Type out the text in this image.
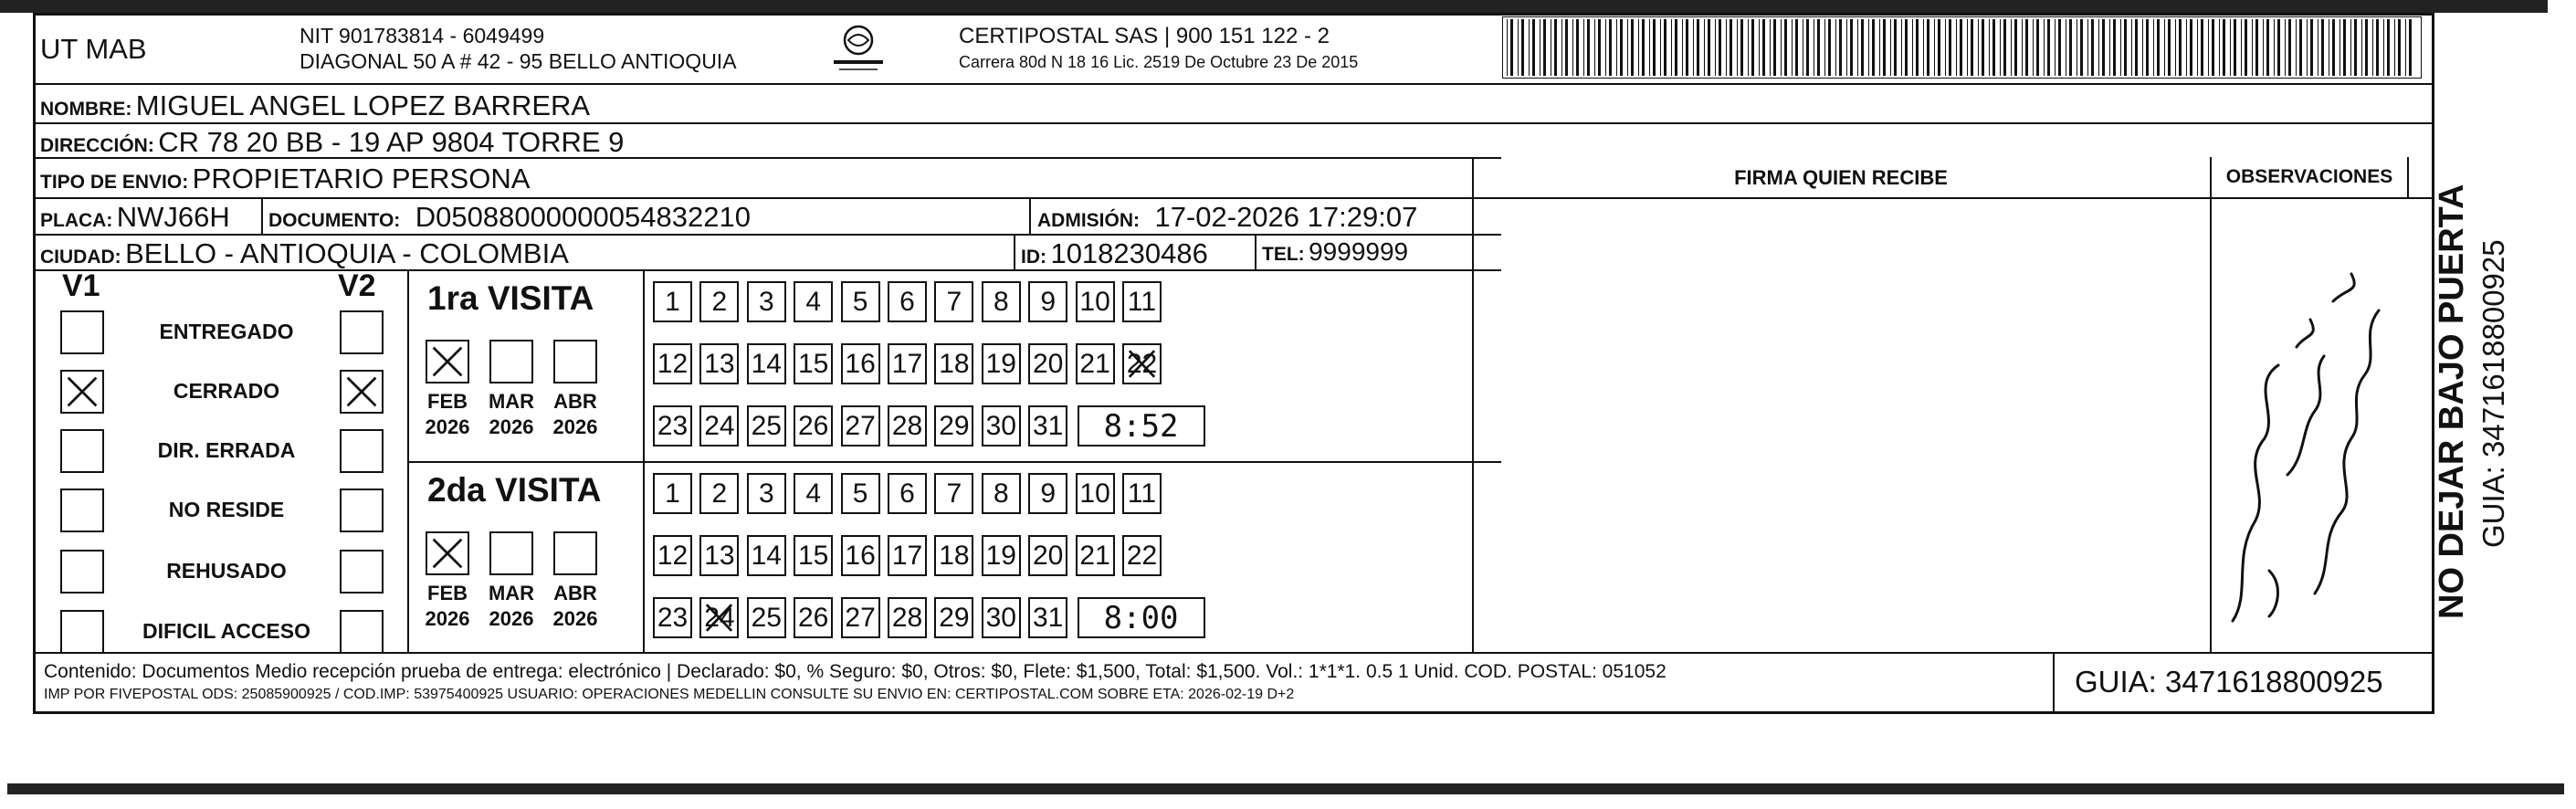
UT MAB	NIT 901783814 - 6049499
DIAGONAL 50 A # 42 - 95 BELLO ANTIOQUIA
CERTIPOSTAL SAS | 900 151 122 - 2
Carrera 80d N 18 16 Lic. 2519 De Octubre 23 De 2015
NOMBRE: MIGUEL ANGEL LOPEZ BARRERA
DIRECCIÓN: CR 78 20 BB - 19 AP 9804 TORRE 9
TIPO DE ENVIO: PROPIETARIO PERSONA	FIRMA QUIEN RECIBE	OBSERVACIONES
PLACA: NWJ66H DOCUMENTO: D05088000000054832210	ADMISIÓN: 17-02-2026 17:29:07
CIUDAD: BELLO - ANTIOQUIA - COLOMBIA	ID: 1018230486	TEL: 9999999
V1	V2
ENTREGADO
CERRADO
DIR. ERRADA
NO RESIDE
REHUSADO
DIFICIL ACCESO
1ra VISITA
FEB
2026
MAR
2026
ABR
2026
1 2 3 4 5 6 7 8 9 10 11
12 13 14 15 16 17 18 19 20 21 22
23 24 25 26 27 28 29 30 31	8:52
2da VISITA
FEB
2026
MAR
2026
ABR
2026
1 2 3 4 5 6 7 8 9 10 11
12 13 14 15 16 17 18 19 20 21 22
23 24 25 26 27 28 29 30 31	8:00
Contenido: Documentos Medio recepción prueba de entrega: electrónico | Declarado: $0, % Seguro: $0, Otros: $0, Flete: $1,500, Total: $1,500. Vol.: 1*1*1. 0.5 1 Unid. COD. POSTAL: 051052
IMP POR FIVEPOSTAL ODS: 25085900925 / COD.IMP: 53975400925 USUARIO: OPERACIONES MEDELLIN CONSULTE SU ENVIO EN: CERTIPOSTAL.COM SOBRE ETA: 2026-02-19 D+2	GUIA: 3471618800925
NO DEJAR BAJO PUERTA GUIA: 3471618800925
